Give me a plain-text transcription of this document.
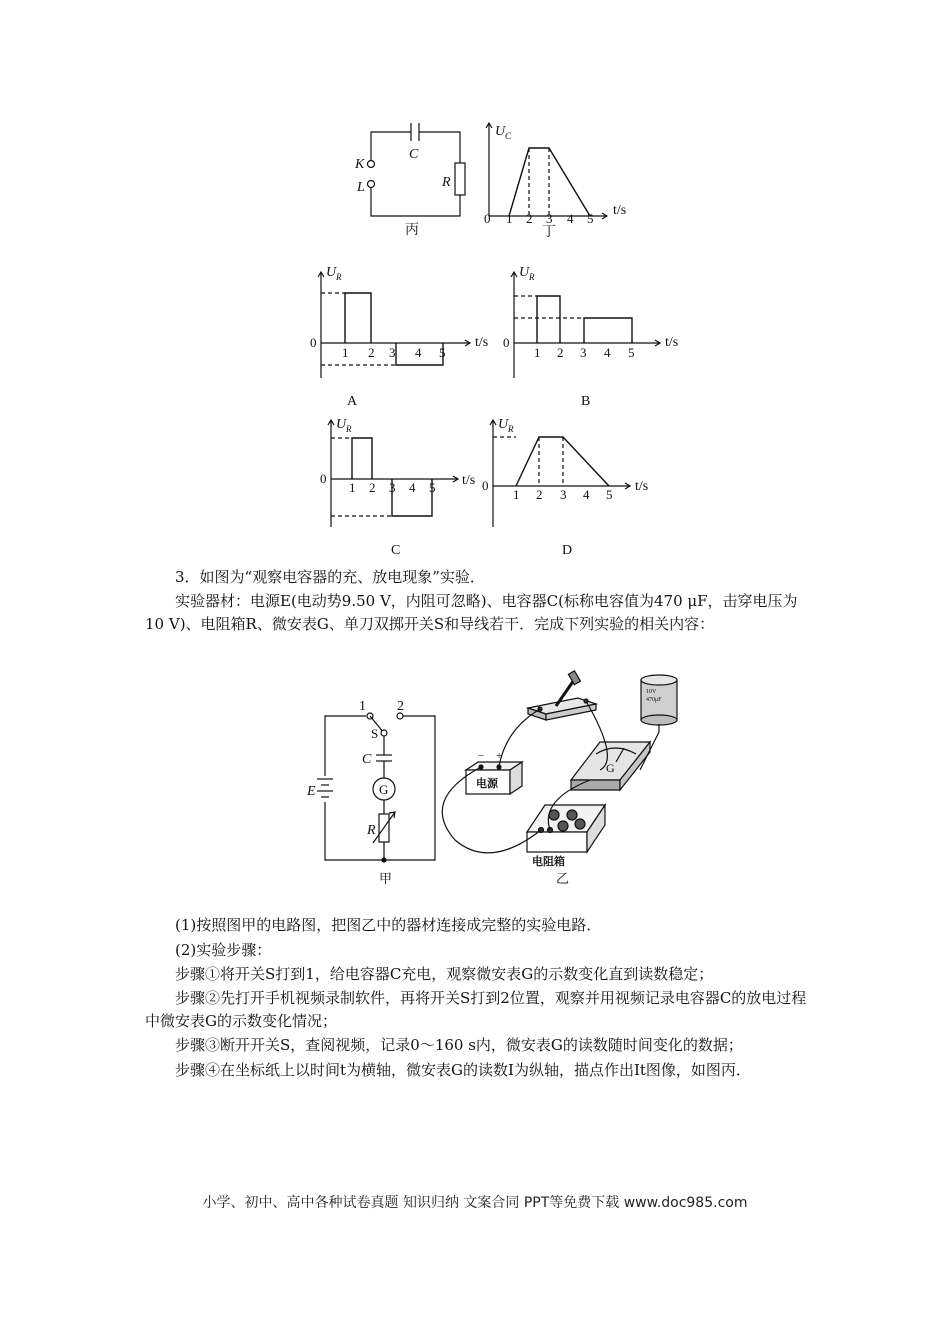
C
K
L	R
丙
U C
t/s
0 1 2 3 4 5
丁
U R
t/s
0
1 2 3 4 5
A
U R
t/s
0
1 2 3 4 5
B
U R
t/s
0
1 2 3 4 5
C
U R
t/s
0
1 2 3 4 5
D
1 2
S
C
G
E
R
甲
电源
− +
电阻箱
G
10V
470μF
乙
3．如图为“观察电容器的充、放电现象”实验．
实验器材：电源E(电动势9.50 V，内阻可忽略)、电容器C(标称电容值为470 μF，击穿电压为10 V)、电阻箱R、微安表G、单刀双掷开关S和导线若干．完成下列实验的相关内容：
(1)按照图甲的电路图，把图乙中的器材连接成完整的实验电路．
(2)实验步骤：
步骤①将开关S打到1，给电容器C充电，观察微安表G的示数变化直到读数稳定；
步骤②先打开手机视频录制软件，再将开关S打到2位置，观察并用视频记录电容器C的放电过程中微安表G的示数变化情况；
步骤③断开开关S，查阅视频，记录0～160 s内，微安表G的读数随时间变化的数据；
步骤④在坐标纸上以时间t为横轴，微安表G的读数I为纵轴，描点作出It图像，如图丙．
小学、初中、高中各种试卷真题 知识归纳 文案合同 PPT等免费下载 www.doc985.com
